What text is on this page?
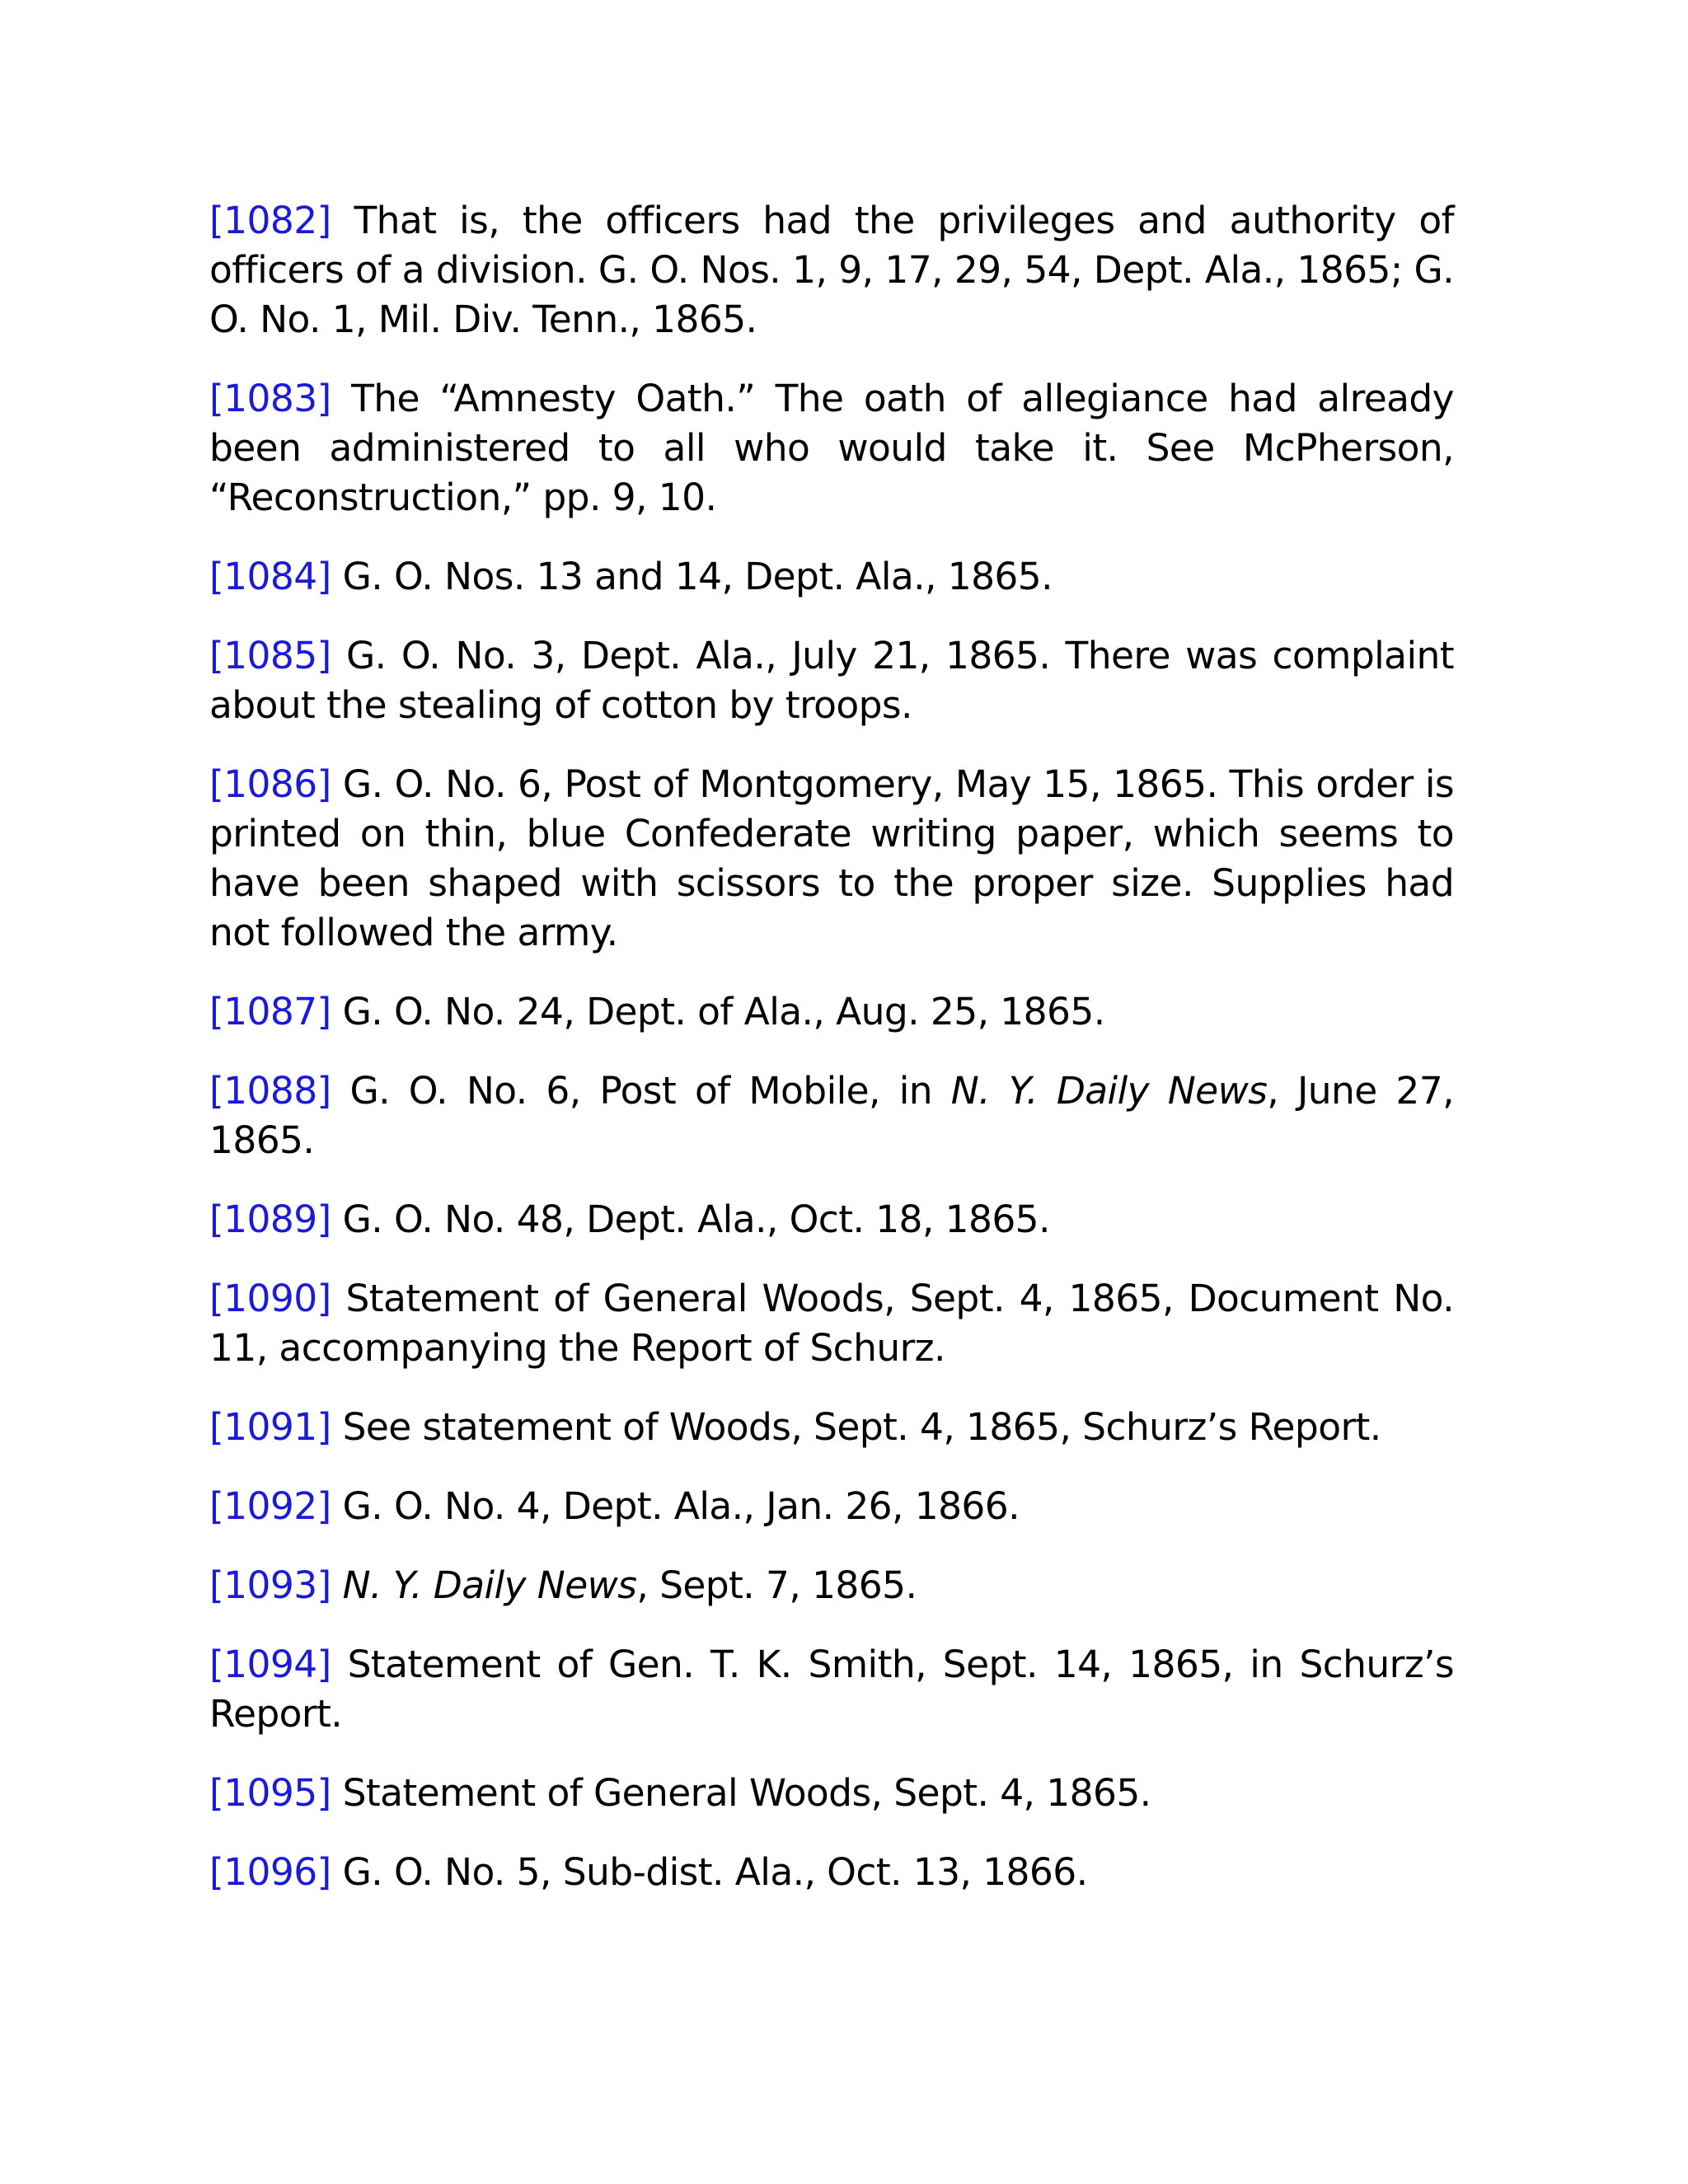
[1082] That is, the officers had the privileges and authority of officers of a division. G. O. Nos. 1, 9, 17, 29, 54, Dept. Ala., 1865; G. O. No. 1, Mil. Div. Tenn., 1865.

[1083] The “Amnesty Oath.” The oath of allegiance had already been administered to all who would take it. See McPherson, “Reconstruction,” pp. 9, 10.

[1084] G. O. Nos. 13 and 14, Dept. Ala., 1865.

[1085] G. O. No. 3, Dept. Ala., July 21, 1865. There was complaint about the stealing of cotton by troops.

[1086] G. O. No. 6, Post of Montgomery, May 15, 1865. This order is printed on thin, blue Confederate writing paper, which seems to have been shaped with scissors to the proper size. Supplies had not followed the army.

[1087] G. O. No. 24, Dept. of Ala., Aug. 25, 1865.

[1088] G. O. No. 6, Post of Mobile, in N. Y. Daily News, June 27, 1865.

[1089] G. O. No. 48, Dept. Ala., Oct. 18, 1865.

[1090] Statement of General Woods, Sept. 4, 1865, Document No. 11, accompanying the Report of Schurz.

[1091] See statement of Woods, Sept. 4, 1865, Schurz’s Report.

[1092] G. O. No. 4, Dept. Ala., Jan. 26, 1866.

[1093] N. Y. Daily News, Sept. 7, 1865.

[1094] Statement of Gen. T. K. Smith, Sept. 14, 1865, in Schurz’s Report.

[1095] Statement of General Woods, Sept. 4, 1865.

[1096] G. O. No. 5, Sub-dist. Ala., Oct. 13, 1866.
